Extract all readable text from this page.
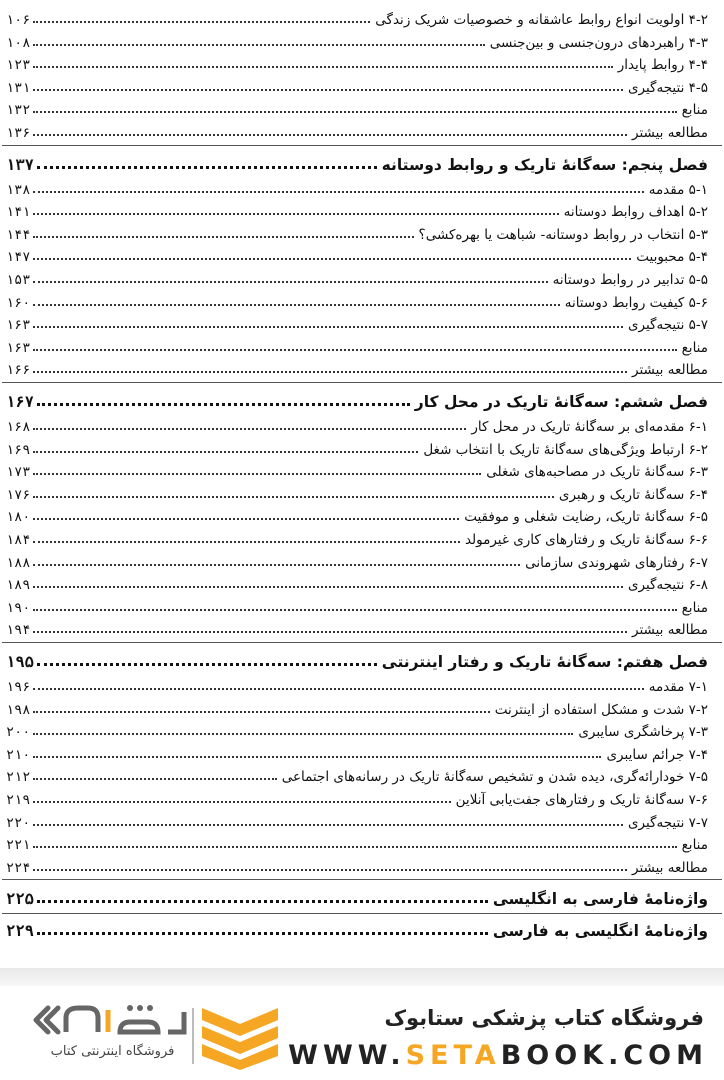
۴-۲ اولویت انواع روابط عاشقانه و خصوصیات شریک زندگی
۱۰۶
۴-۳ راهبردهای درون‌جنسی و بین‌جنسی
۱۰۸
۴-۴ روابط پایدار
۱۲۳
۴-۵ نتیجه‌گیری
۱۳۱
منابع
۱۳۲
مطالعه بیشتر
۱۳۶
فصل پنجم: سه‌گانۀ تاریک و روابط دوستانه
۱۳۷
۵-۱ مقدمه
۱۳۸
۵-۲ اهداف روابط دوستانه
۱۴۱
۵-۳ انتخاب در روابط دوستانه- شباهت یا بهره‌کشی؟
۱۴۴
۵-۴ محبوبیت
۱۴۷
۵-۵ تدابیر در روابط دوستانه
۱۵۳
۵-۶ کیفیت روابط دوستانه
۱۶۰
۵-۷ نتیجه‌گیری
۱۶۳
منابع
۱۶۳
مطالعه بیشتر
۱۶۶
فصل ششم: سه‌گانۀ تاریک در محل کار
۱۶۷
۶-۱ مقدمه‌ای بر سه‌گانۀ تاریک در محل کار
۱۶۸
۶-۲ ارتباط ویژگی‌های سه‌گانۀ تاریک با انتخاب شغل
۱۶۹
۶-۳ سه‌گانۀ تاریک در مصاحبه‌های شغلی
۱۷۳
۶-۴ سه‌گانۀ تاریک و رهبری
۱۷۶
۶-۵ سه‌گانۀ تاریک، رضایت شغلی و موفقیت
۱۸۰
۶-۶ سه‌گانۀ تاریک و رفتارهای کاری غیرمولد
۱۸۴
۶-۷ رفتارهای شهروندی سازمانی
۱۸۸
۶-۸ نتیجه‌گیری
۱۸۹
منابع
۱۹۰
مطالعه بیشتر
۱۹۴
فصل هفتم: سه‌گانۀ تاریک و رفتار اینترنتی
۱۹۵
۷-۱ مقدمه
۱۹۶
۷-۲ شدت و مشکل استفاده از اینترنت
۱۹۸
۷-۳ پرخاشگری سایبری
۲۰۰
۷-۴ جرائم سایبری
۲۱۰
۷-۵ خودارائه‌گری، دیده شدن و تشخیص سه‌گانۀ تاریک در رسانه‌های اجتماعی
۲۱۲
۷-۶ سه‌گانۀ تاریک و رفتارهای جفت‌یابی آنلاین
۲۱۹
۷-۷ نتیجه‌گیری
۲۲۰
منابع
۲۲۱
مطالعه بیشتر
۲۲۴
واژه‌نامۀ فارسی به انگلیسی
۲۲۵
واژه‌نامۀ انگلیسی به فارسی
۲۲۹
فروشگاه کتاب پزشکی ستابوک
WWW.SETABOOK.COM
فروشگاه اینترنتی کتاب
